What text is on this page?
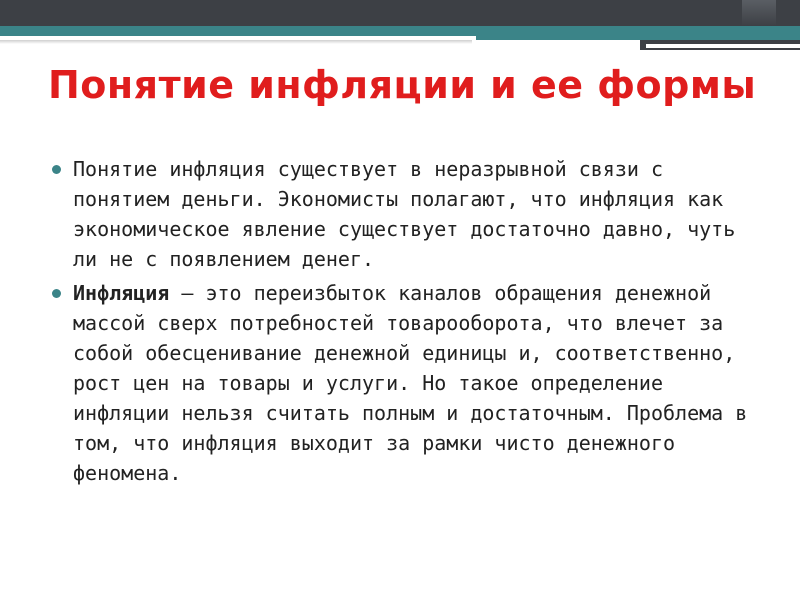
Понятие инфляции и ее формы
Понятие инфляция существует в неразрывной связи с понятием деньги. Экономисты полагают, что инфляция как экономическое явление существует достаточно давно, чуть ли не с появлением денег.
Инфляция – это переизбыток каналов обращения денежной массой сверх потребностей товарооборота, что влечет за собой обесценивание денежной единицы и, соответственно, рост цен на товары и услуги. Но такое определение инфляции нельзя считать полным и достаточным. Проблема в том, что инфляция выходит за рамки чисто денежного феномена.
